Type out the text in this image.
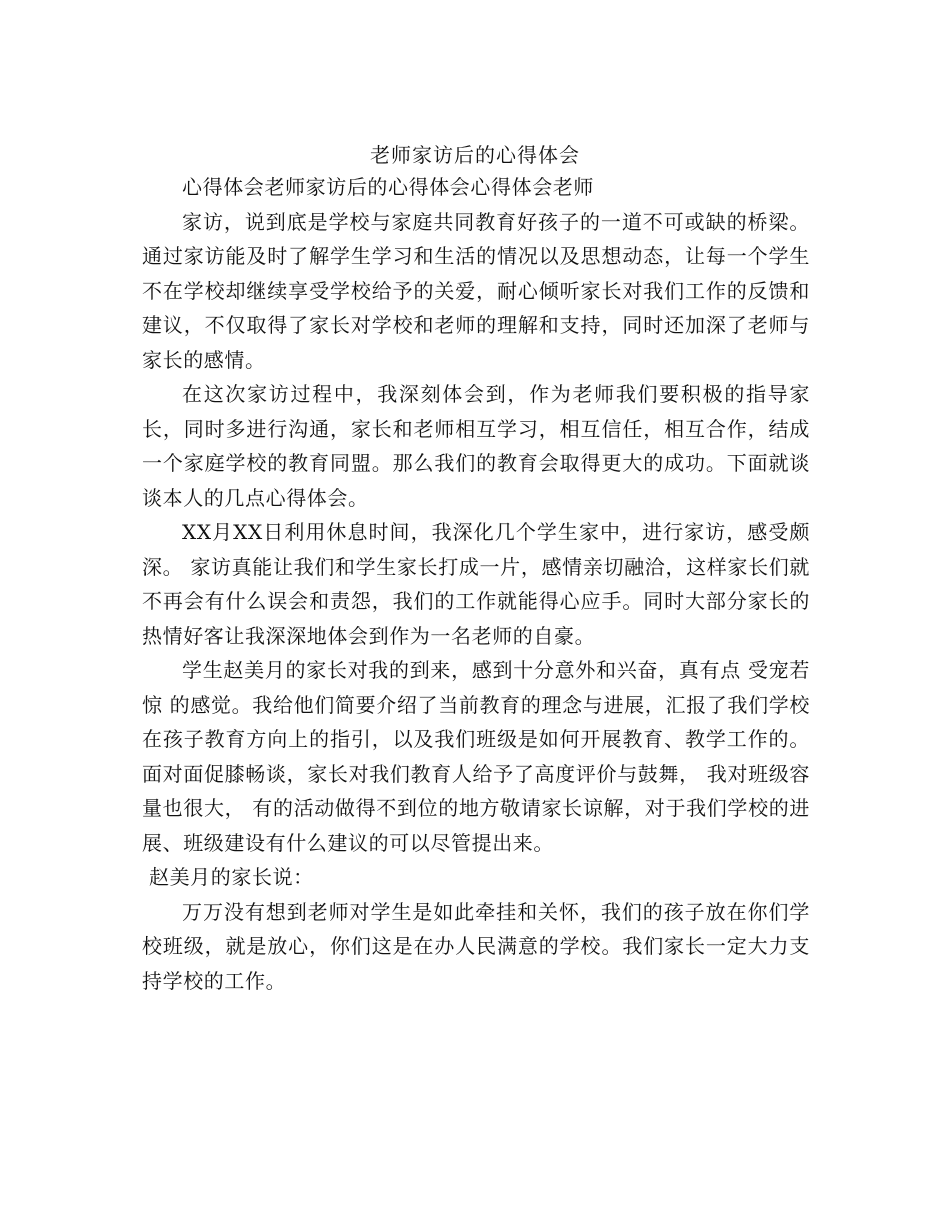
老师家访后的心得体会

心得体会老师家访后的心得体会心得体会老师

家访，说到底是学校与家庭共同教育好孩子的一道不可或缺的桥梁。通过家访能及时了解学生学习和生活的情况以及思想动态，让每一个学生不在学校却继续享受学校给予的关爱，耐心倾听家长对我们工作的反馈和建议，不仅取得了家长对学校和老师的理解和支持，同时还加深了老师与家长的感情。

在这次家访过程中，我深刻体会到，作为老师我们要积极的指导家长，同时多进行沟通，家长和老师相互学习，相互信任，相互合作，结成一个家庭学校的教育同盟。那么我们的教育会取得更大的成功。下面就谈谈本人的几点心得体会。

XX月XX日利用休息时间，我深化几个学生家中，进行家访，感受颇深。 家访真能让我们和学生家长打成一片，感情亲切融洽，这样家长们就不再会有什么误会和责怨，我们的工作就能得心应手。同时大部分家长的热情好客让我深深地体会到作为一名老师的自豪。

学生赵美月的家长对我的到来，感到十分意外和兴奋，真有点 受宠若惊 的感觉。我给他们简要介绍了当前教育的理念与进展，汇报了我们学校在孩子教育方向上的指引，以及我们班级是如何开展教育、教学工作的。面对面促膝畅谈，家长对我们教育人给予了高度评价与鼓舞， 我对班级容量也很大， 有的活动做得不到位的地方敬请家长谅解，对于我们学校的进展、班级建设有什么建议的可以尽管提出来。

赵美月的家长说：

万万没有想到老师对学生是如此牵挂和关怀，我们的孩子放在你们学校班级，就是放心，你们这是在办人民满意的学校。我们家长一定大力支持学校的工作。
